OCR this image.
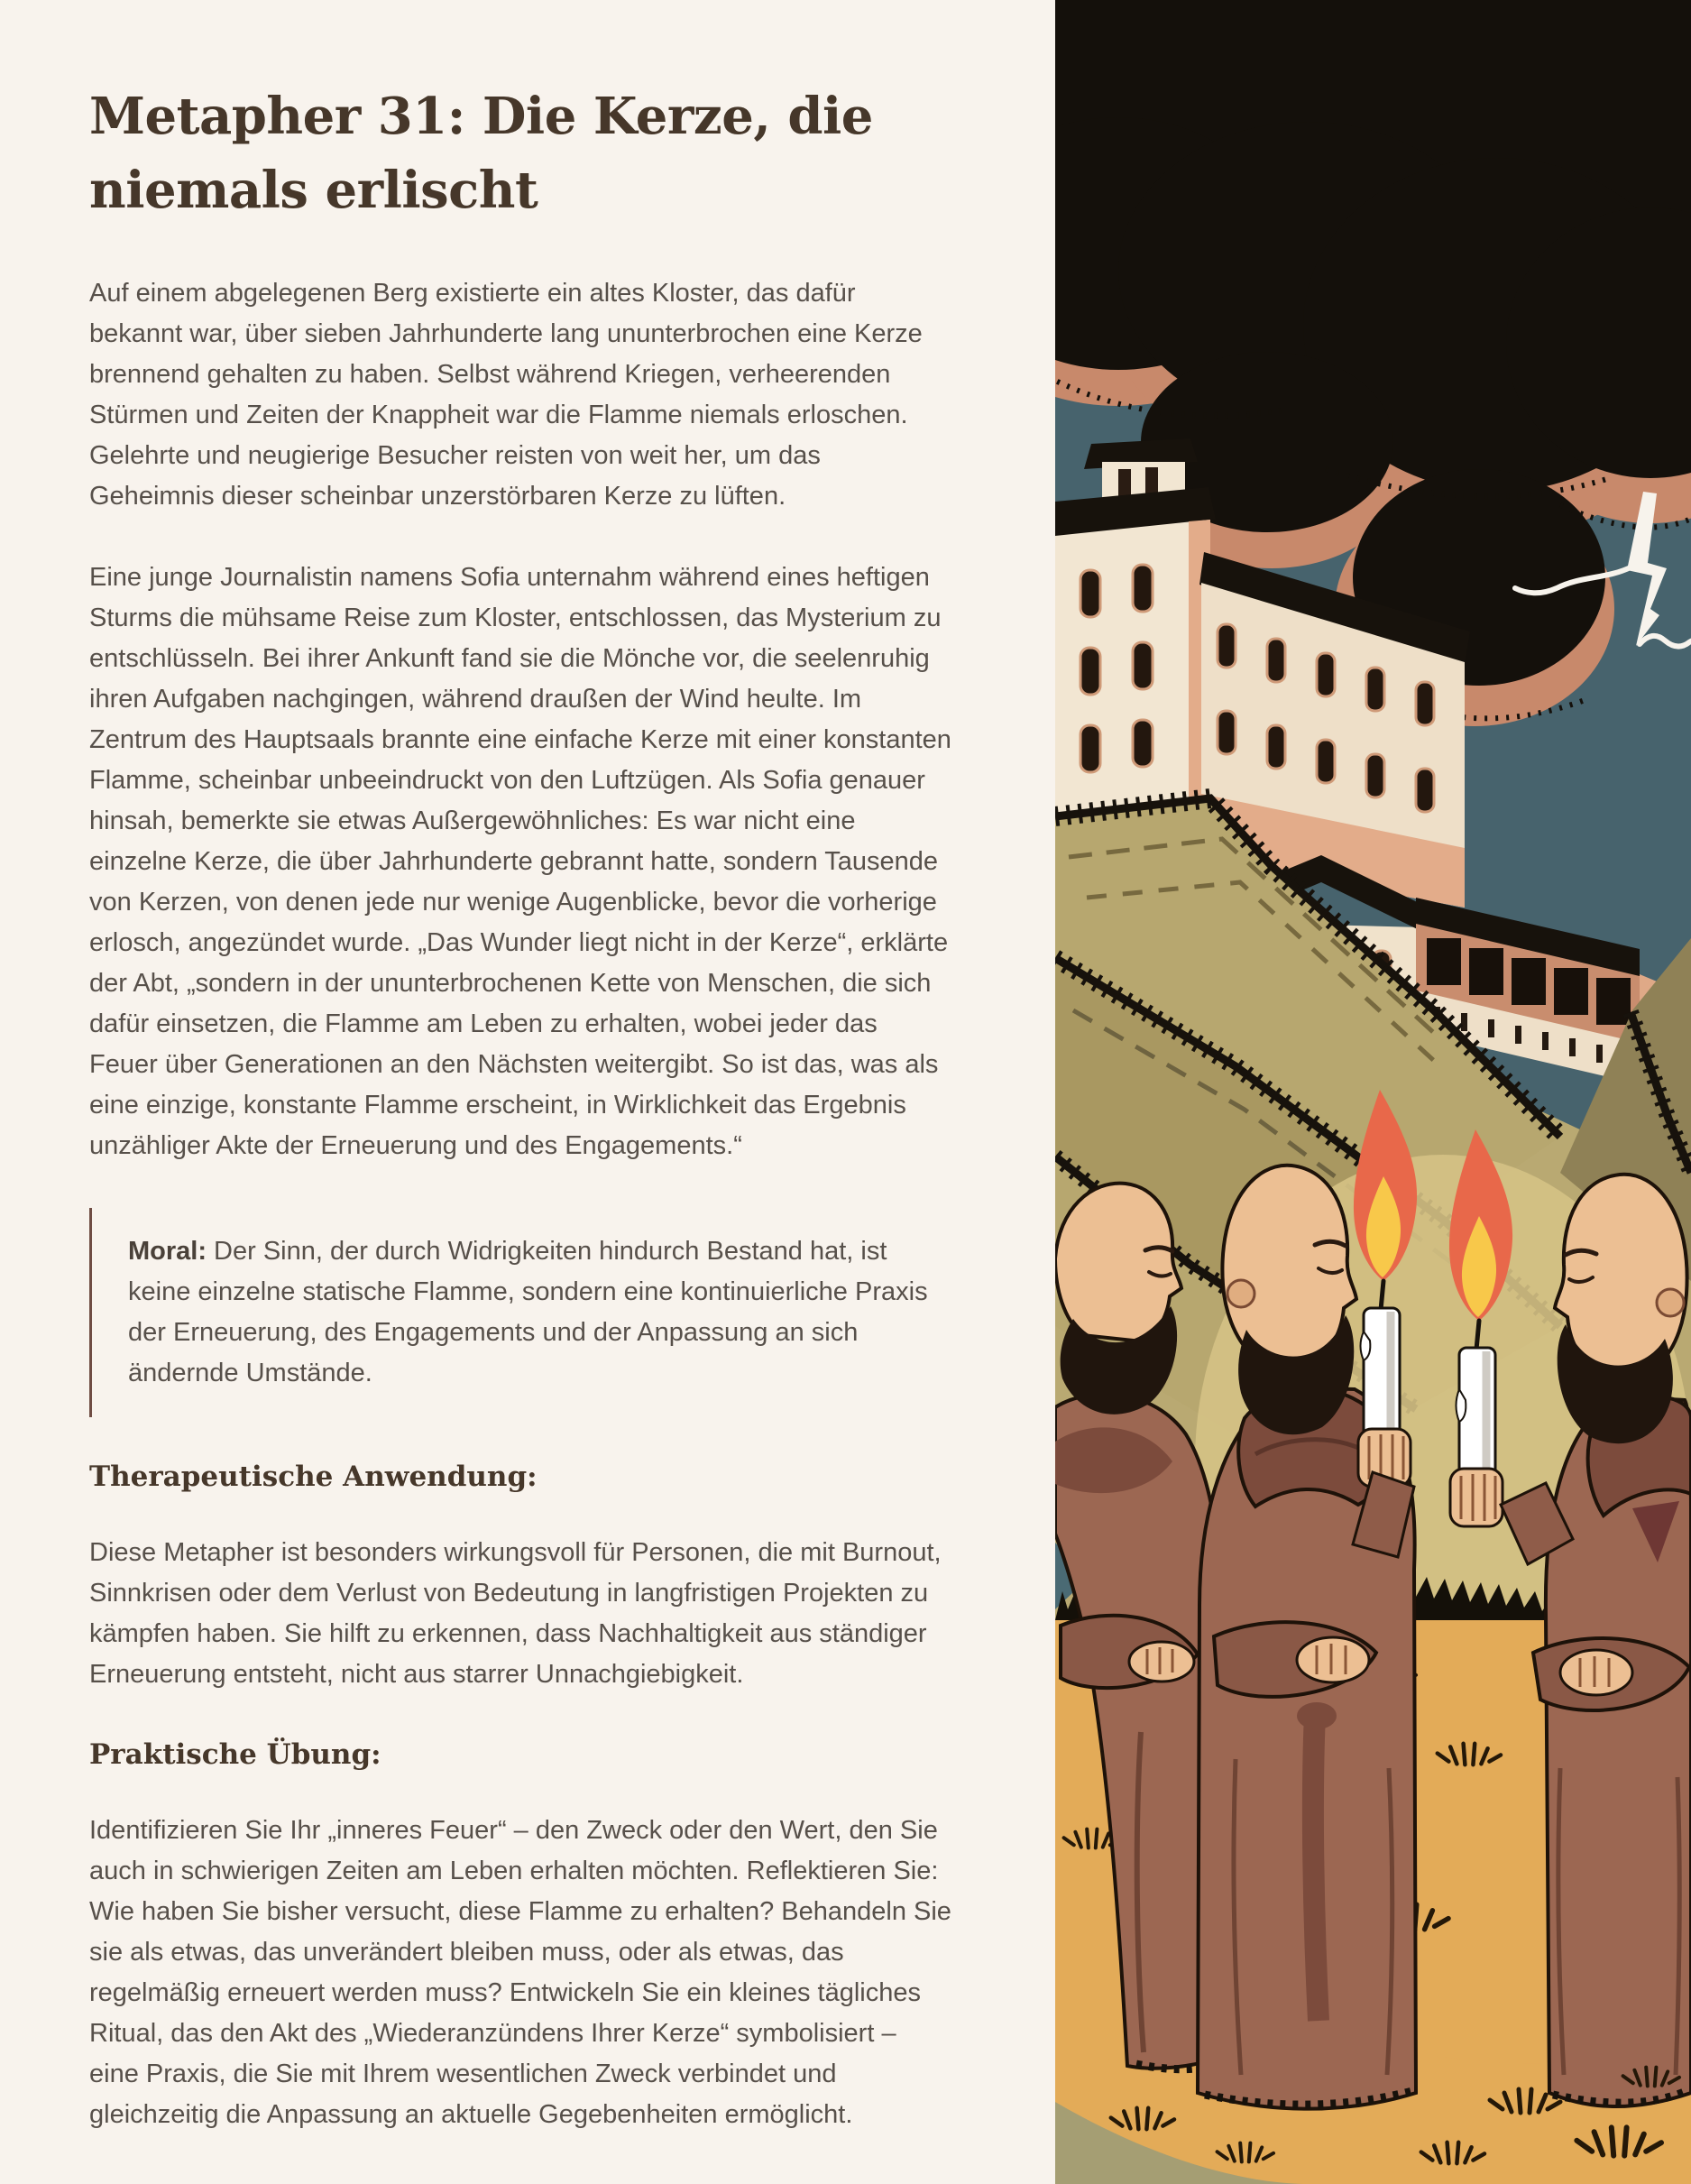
Metapher 31: Die Kerze, die niemals erlischt

Auf einem abgelegenen Berg existierte ein altes Kloster, das dafür bekannt war, über sieben Jahrhunderte lang ununterbrochen eine Kerze brennend gehalten zu haben. Selbst während Kriegen, verheerenden Stürmen und Zeiten der Knappheit war die Flamme niemals erloschen. Gelehrte und neugierige Besucher reisten von weit her, um das Geheimnis dieser scheinbar unzerstörbaren Kerze zu lüften.

Eine junge Journalistin namens Sofia unternahm während eines heftigen Sturms die mühsame Reise zum Kloster, entschlossen, das Mysterium zu entschlüsseln. Bei ihrer Ankunft fand sie die Mönche vor, die seelenruhig ihren Aufgaben nachgingen, während draußen der Wind heulte. Im Zentrum des Hauptsaals brannte eine einfache Kerze mit einer konstanten Flamme, scheinbar unbeeindruckt von den Luftzügen. Als Sofia genauer hinsah, bemerkte sie etwas Außergewöhnliches: Es war nicht eine einzelne Kerze, die über Jahrhunderte gebrannt hatte, sondern Tausende von Kerzen, von denen jede nur wenige Augenblicke, bevor die vorherige erlosch, angezündet wurde. „Das Wunder liegt nicht in der Kerze“, erklärte der Abt, „sondern in der ununterbrochenen Kette von Menschen, die sich dafür einsetzen, die Flamme am Leben zu erhalten, wobei jeder das Feuer über Generationen an den Nächsten weitergibt. So ist das, was als eine einzige, konstante Flamme erscheint, in Wirklichkeit das Ergebnis unzähliger Akte der Erneuerung und des Engagements.“

Moral: Der Sinn, der durch Widrigkeiten hindurch Bestand hat, ist keine einzelne statische Flamme, sondern eine kontinuierliche Praxis der Erneuerung, des Engagements und der Anpassung an sich ändernde Umstände.
Therapeutische Anwendung:

Diese Metapher ist besonders wirkungsvoll für Personen, die mit Burnout, Sinnkrisen oder dem Verlust von Bedeutung in langfristigen Projekten zu kämpfen haben. Sie hilft zu erkennen, dass Nachhaltigkeit aus ständiger Erneuerung entsteht, nicht aus starrer Unnachgiebigkeit.

Praktische Übung:

Identifizieren Sie Ihr „inneres Feuer“ – den Zweck oder den Wert, den Sie auch in schwierigen Zeiten am Leben erhalten möchten. Reflektieren Sie: Wie haben Sie bisher versucht, diese Flamme zu erhalten? Behandeln Sie sie als etwas, das unverändert bleiben muss, oder als etwas, das regelmäßig erneuert werden muss? Entwickeln Sie ein kleines tägliches Ritual, das den Akt des „Wiederanzündens Ihrer Kerze“ symbolisiert – eine Praxis, die Sie mit Ihrem wesentlichen Zweck verbindet und gleichzeitig die Anpassung an aktuelle Gegebenheiten ermöglicht.
